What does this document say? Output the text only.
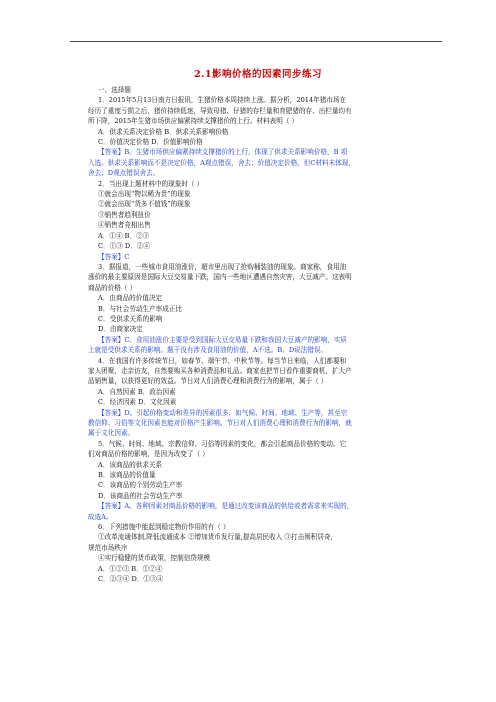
2.1影响价格的因素同步练习
一、选择题
1．2015年5月13日南方日报讯，生猪价格本周持续上涨。据分析，2014年猪市场在
经历了重度亏损之后，猪价持续低迷，导致母猪、仔猪的存栏量和育肥猪的存、出栏量均有
所下降，2015年生猪市场供应偏紧持续支撑猪价的上行。材料表明（ ）
A．供求关系决定价格 B．供求关系影响价格
C．价值决定价格 D．价值影响价格
【答案】B。生猪市场供应偏紧持续支撑猪价的上行，体现了供求关系影响价格，B 项
入选。供求关系影响而不是决定价格，A观点错误，舍去；价值决定价格，但C材料未体现，
舍去；D观点错误舍去。
2．当出现上题材料中的现象时（ ）
①就会出现“物以稀为贵”的现象
②就会出现“货多不值钱”的现象
③销售者趋利扭价
④销售者竞相出售
A．①④ B．②③
C．①③ D．②④
【答案】C
3．据报道，一些城市食用油涨价，超市里出现了抢购桶装油的现象。商家称，食用油
涨价的最主要原因是国际大豆交易量下跌，国内一些地区遭遇自然灾害，大豆减产。这表明
商品的价格（ ）
A．由商品的价值决定
B．与社会劳动生产率成正比
C．受供求关系的影响
D．由商家决定
【答案】C。食用油涨价主要是受到国际大豆交易量下跌和我国大豆减产的影响，实质
上就是受供求关系的影响。题干没有涉及食用油的价值，A不选。B、D说法错误。
4．在我国有许多传统节日，如春节、端午节、中秋节等。每当节日来临，人们都要和
家人团聚，走亲访友，自然要购买各种消费品和礼品。商家也把节日看作重要商机，扩大产
品销售量，以获得更好的效益。节日对人们消费心理和消费行为的影响，属于（ ）
A．自然因素 B．政治因素
C．经济因素 D．文化因素
【答案】D。引起价格变动和差异的因素很多，如气候、时间、地域、生产等，甚至宗
教信仰、习俗等文化因素也能对价格产生影响。节日对人们消费心理和消费行为的影响，就
属于文化因素。
5．气候、时间、地域、宗教信仰、习俗等因素的变化，都会引起商品价格的变动。它
们对商品价格的影响，是因为改变了（ ）
A．该商品的供求关系
B．该商品的价值量
C．该商品的个别劳动生产率
D．该商品的社会劳动生产率
【答案】A。各种因素对商品价格的影响，是通过改变该商品的供给或者需求来实现的，
故选A。
6．下列措施中能起到稳定物价作用的有（ ）
①改革流通体制,降低流通成本 ②增加货币发行量,提高居民收入 ③打击囤积居奇,
规范市场秩序
④实行稳健的货币政策，控制信贷规模
A．①②③ B．①②④
C．②③④ D．①③④
